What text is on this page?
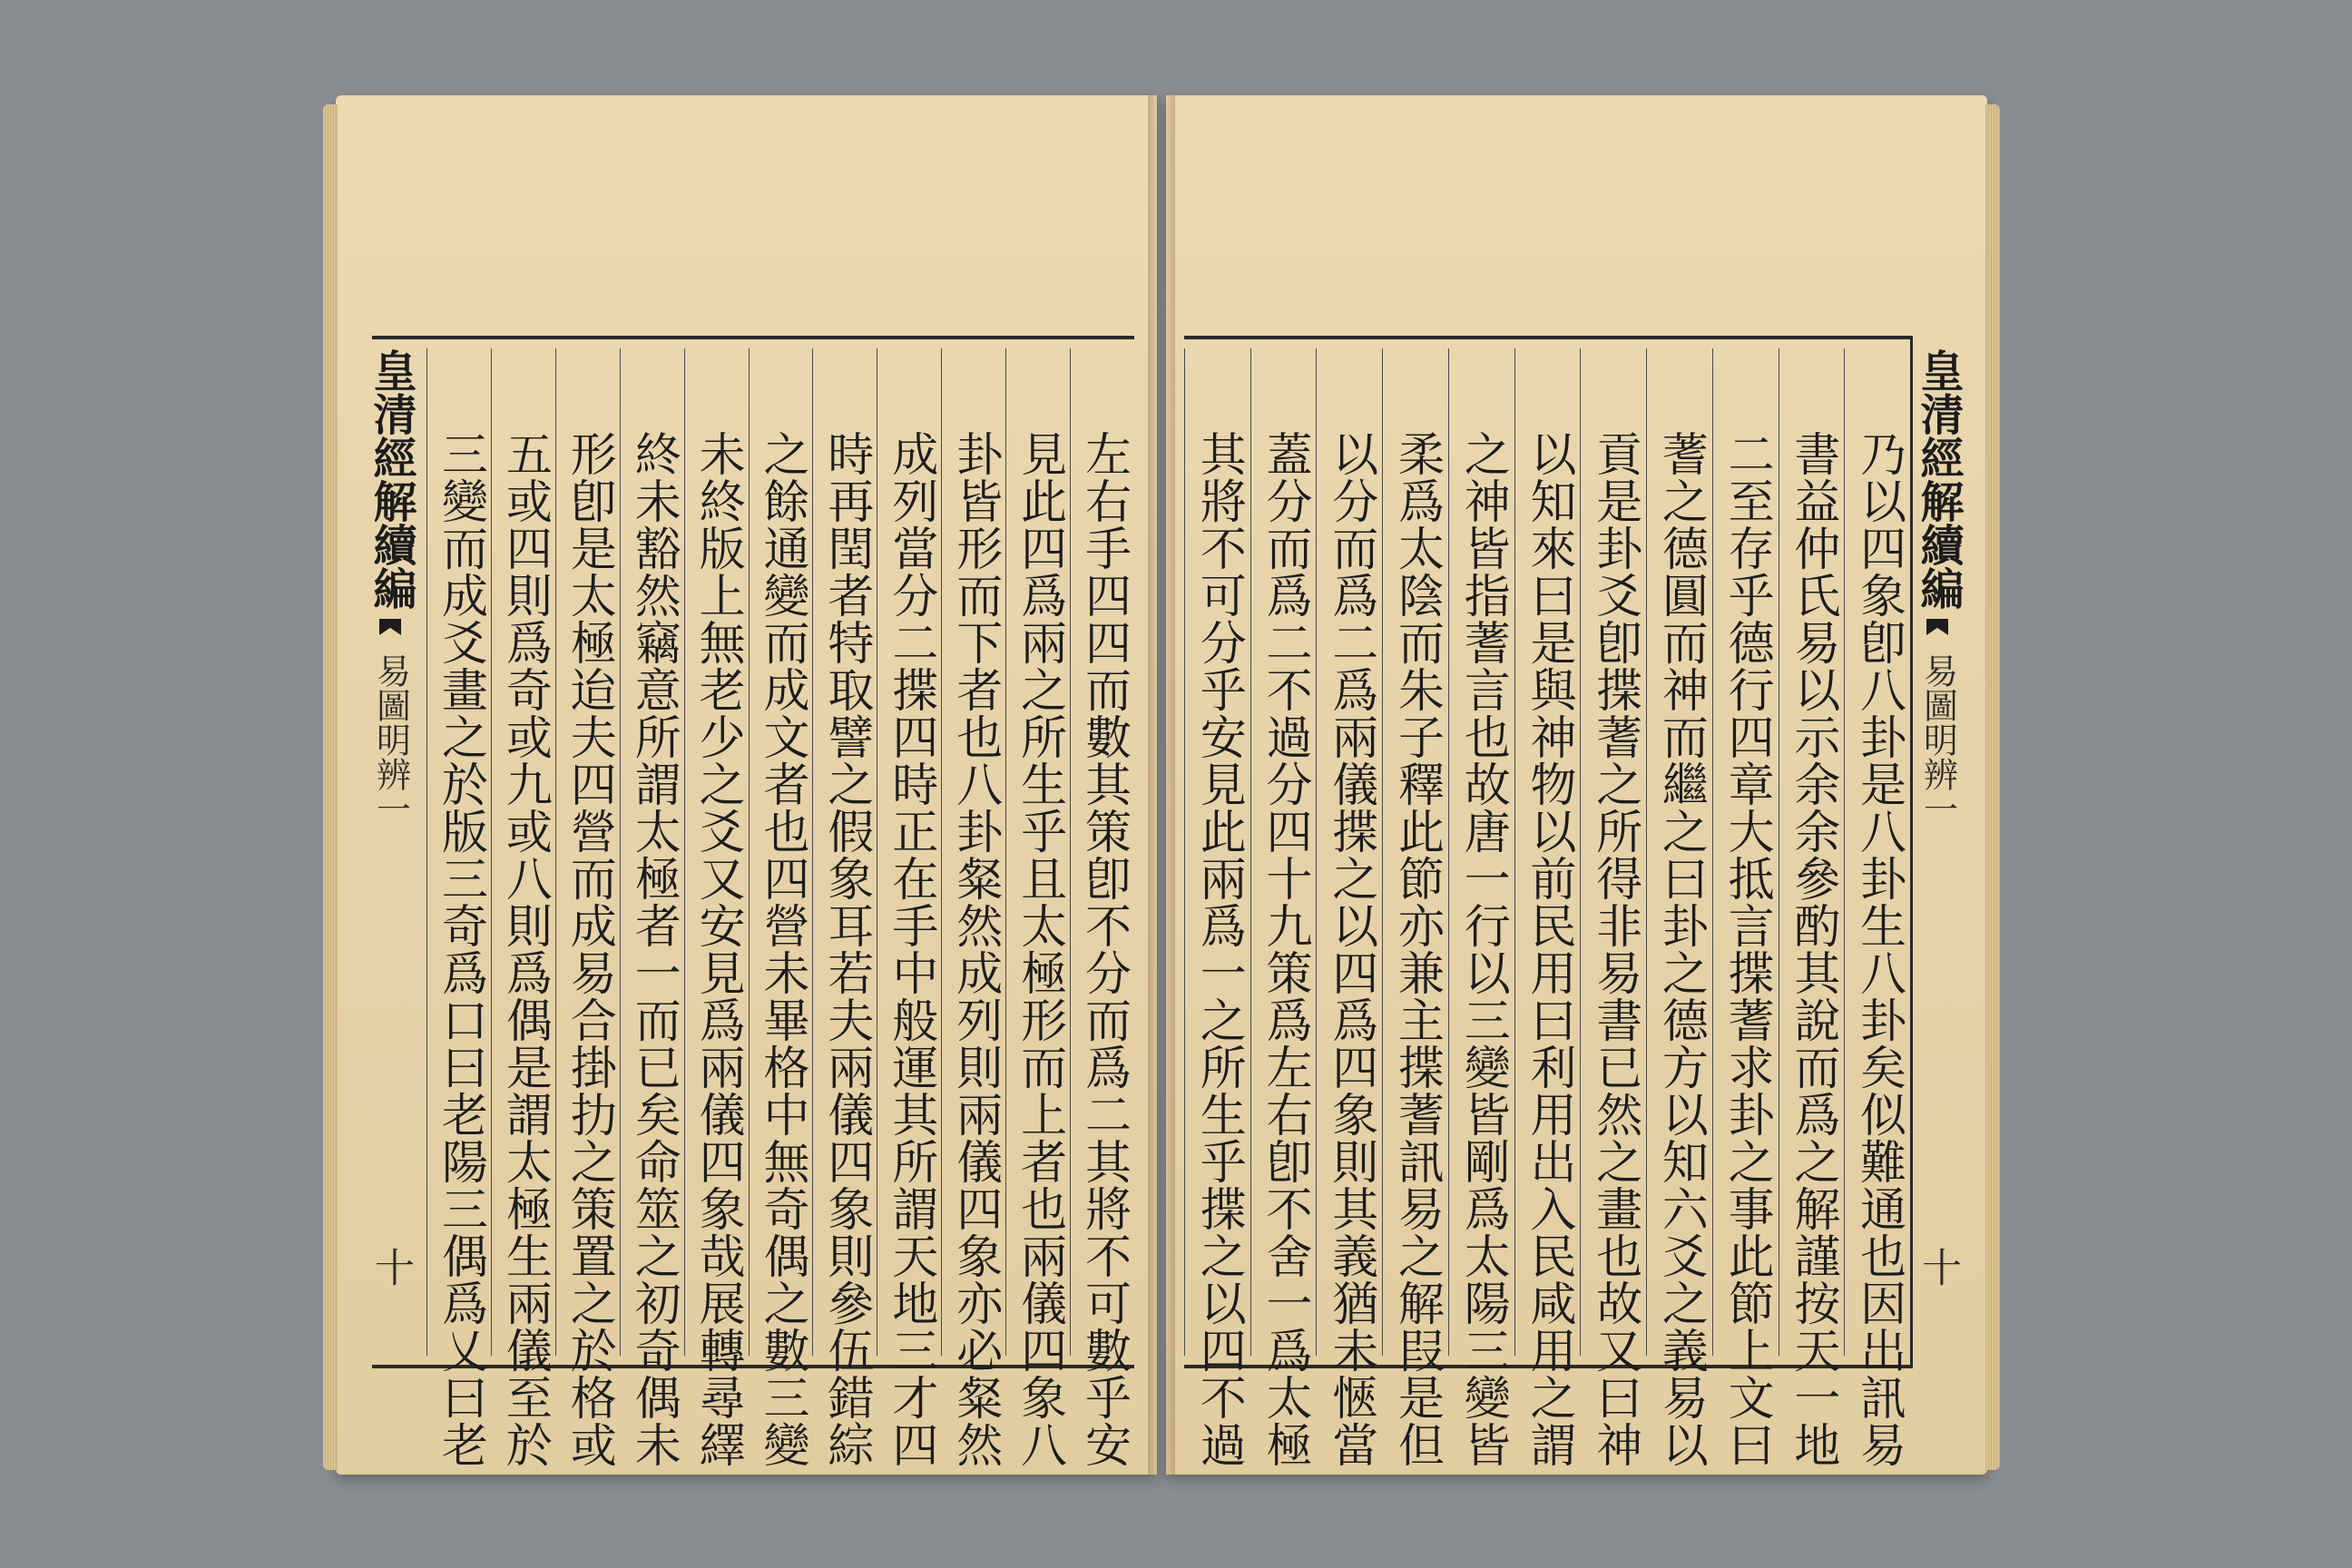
皇清經解續編
易圖明辨一
十
乃以四象卽八卦是八卦生八卦矣似難通也因出訊易
書益仲氏易以示余余參酌其說而爲之解謹按天一地
二至存乎德行四章大抵言揲蓍求卦之事此節上文曰
蓍之德圓而神而繼之曰卦之德方以知六爻之義易以
貢是卦爻卽揲蓍之所得非易書已然之畫也故又曰神
以知來曰是與神物以前民用曰利用出入民咸用之謂
之神皆指蓍言也故唐一行以三變皆剛爲太陽三變皆
柔爲太陰而朱子釋此節亦兼主揲蓍訊易之解叚是但
以分而爲二爲兩儀揲之以四爲四象則其義猶未愜當
蓋分而爲二不過分四十九策爲左右卽不舍一爲太極
其將不可分乎安見此兩爲一之所生乎揲之以四不過
皇清經解續編
易圖明辨一
十	左右手四四而數其策卽不分而爲二其將不可數乎安
見此四爲兩之所生乎且太極形而上者也兩儀四象八
卦皆形而下者也八卦粲然成列則兩儀四象亦必粲然
成列當分二揲四時正在手中般運其所謂天地三才四
時再閏者特取譬之假象耳若夫兩儀四象則參伍錯綜
之餘通變而成文者也四營未畢格中無奇偶之數三變
未終版上無老少之爻又安見爲兩儀四象哉展轉尋繹
終未豁然竊意所謂太極者一而已矣命筮之初奇偶未
形卽是太極迨夫四營而成易合掛扐之策置之於格或
五或四則爲奇或九或八則爲偶是謂太極生兩儀至於
三變而成爻畫之於版三奇爲口曰老陽三偶爲乂曰老
